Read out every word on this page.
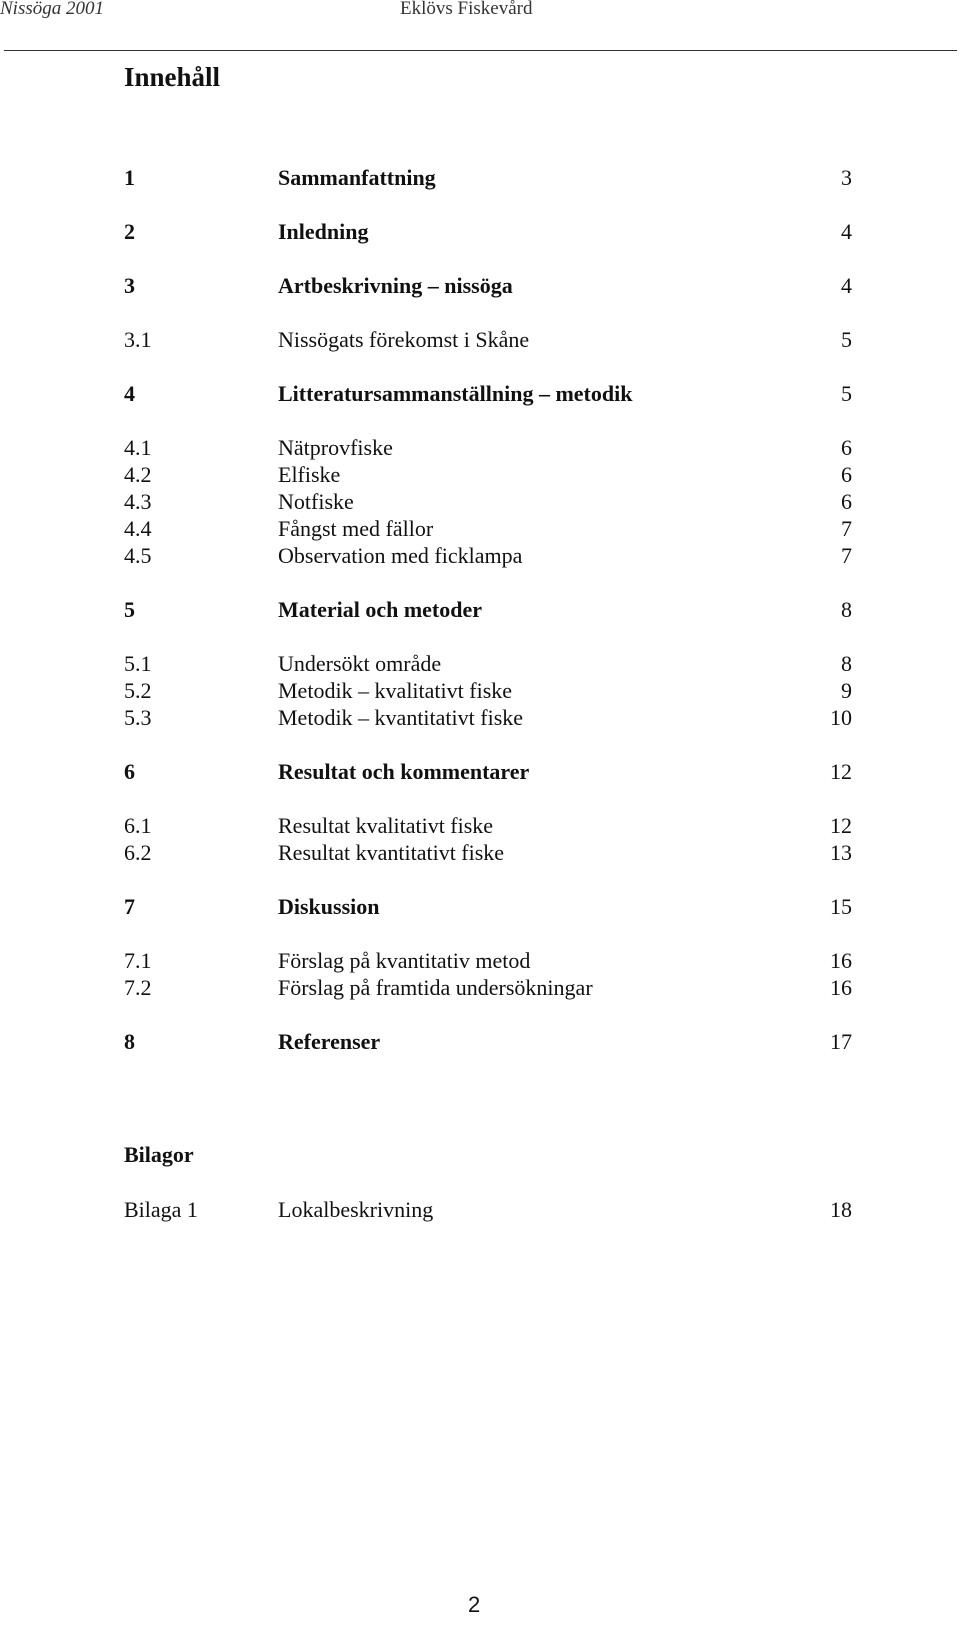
Nissöga 2001	Eklövs Fiskevård
Innehåll
1	Sammanfattning	3
2	Inledning	4
3	Artbeskrivning – nissöga	4
3.1	Nissögats förekomst i Skåne	5
4	Litteratursammanställning – metodik	5
4.1	Nätprovfiske	6
4.2	Elfiske	6
4.3	Notfiske	6
4.4	Fångst med fällor	7
4.5	Observation med ficklampa	7
5	Material och metoder	8
5.1	Undersökt område	8
5.2	Metodik – kvalitativt fiske	9
5.3	Metodik – kvantitativt fiske	10
6	Resultat och kommentarer	12
6.1	Resultat kvalitativt fiske	12
6.2	Resultat kvantitativt fiske	13
7	Diskussion	15
7.1	Förslag på kvantitativ metod	16
7.2	Förslag på framtida undersökningar	16
8	Referenser	17
Bilagor
Bilaga 1	Lokalbeskrivning	18
2
